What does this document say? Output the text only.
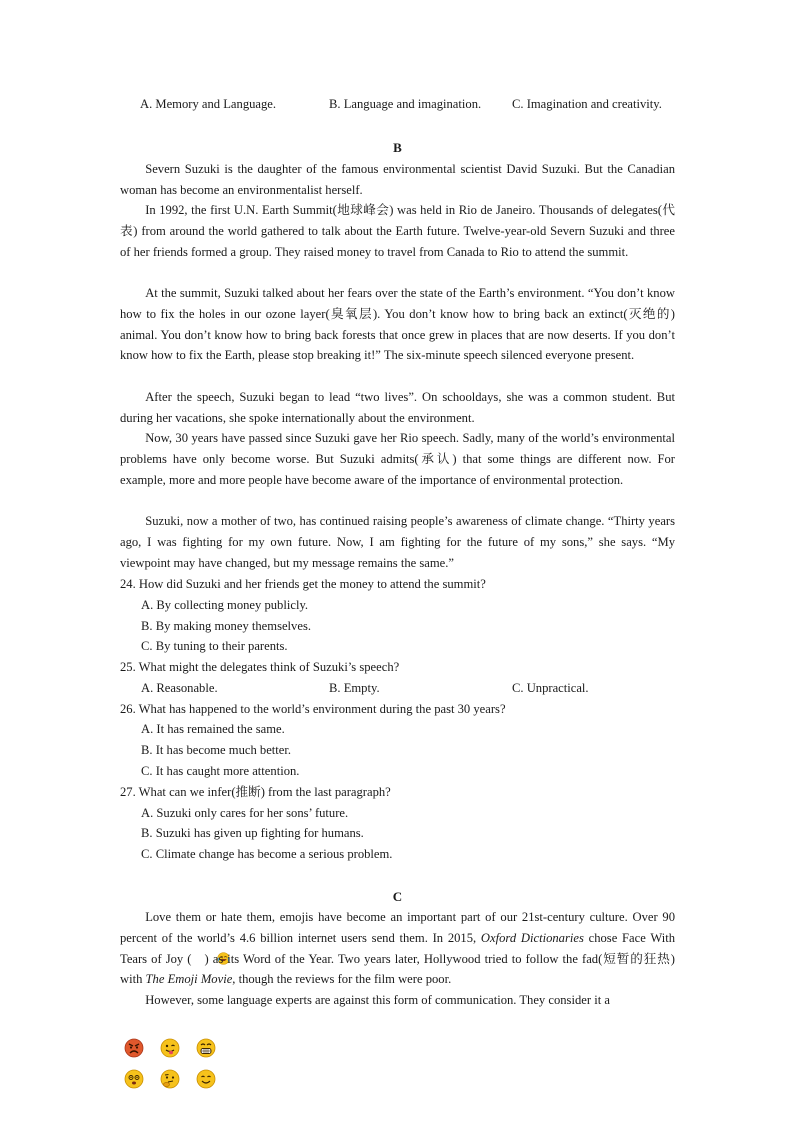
A. Memory and Language.	B. Language and imagination. C. Imagination and creativity.
B

Severn Suzuki is the daughter of the famous environmental scientist David Suzuki. But the Canadian woman has become an environmentalist herself.

In 1992, the first U.N. Earth Summit(地球峰会) was held in Rio de Janeiro. Thousands of delegates(代表) from around the world gathered to talk about the Earth future. Twelve-year-old Severn Suzuki and three of her friends formed a group. They raised money to travel from Canada to Rio to attend the summit.

At the summit, Suzuki talked about her fears over the state of the Earth’s environment. “You don’t know how to fix the holes in our ozone layer(臭氧层). You don’t know how to bring back an extinct(灭绝的) animal. You don’t know how to bring back forests that once grew in places that are now deserts. If you don’t know how to fix the Earth, please stop breaking it!” The six-minute speech silenced everyone present.

After the speech, Suzuki began to lead “two lives”. On schooldays, she was a common student. But during her vacations, she spoke internationally about the environment.

Now, 30 years have passed since Suzuki gave her Rio speech. Sadly, many of the world’s environmental problems have only become worse. But Suzuki admits(承认) that some things are different now. For example, more and more people have become aware of the importance of environmental protection.

Suzuki, now a mother of two, has continued raising people’s awareness of climate change. “Thirty years ago, I was fighting for my own future. Now, I am fighting for the future of my sons,” she says. “My viewpoint may have changed, but my message remains the same.”

24. How did Suzuki and her friends get the money to attend the summit?
A. By collecting money publicly.
B. By making money themselves.
C. By tuning to their parents.
25. What might the delegates think of Suzuki’s speech?
A. Reasonable.	B. Empty.	C. Unpractical.
26. What has happened to the world’s environment during the past 30 years?
A. It has remained the same.
B. It has become much better.
C. It has caught more attention.
27. What can we infer(推断) from the last paragraph?
A. Suzuki only cares for her sons’ future.
B. Suzuki has given up fighting for humans.
C. Climate change has become a serious problem.
C

Love them or hate them, emojis have become an important part of our 21st-century culture. Over 90 percent of the world’s 4.6 billion internet users send them. In 2015, Oxford Dictionaries chose Face With Tears of Joy ( ) as its Word of the Year. Two years later, Hollywood tried to follow the fad(短暂的狂热) with The Emoji Movie, though the reviews for the film were poor.

However, some language experts are against this form of communication. They consider it a
